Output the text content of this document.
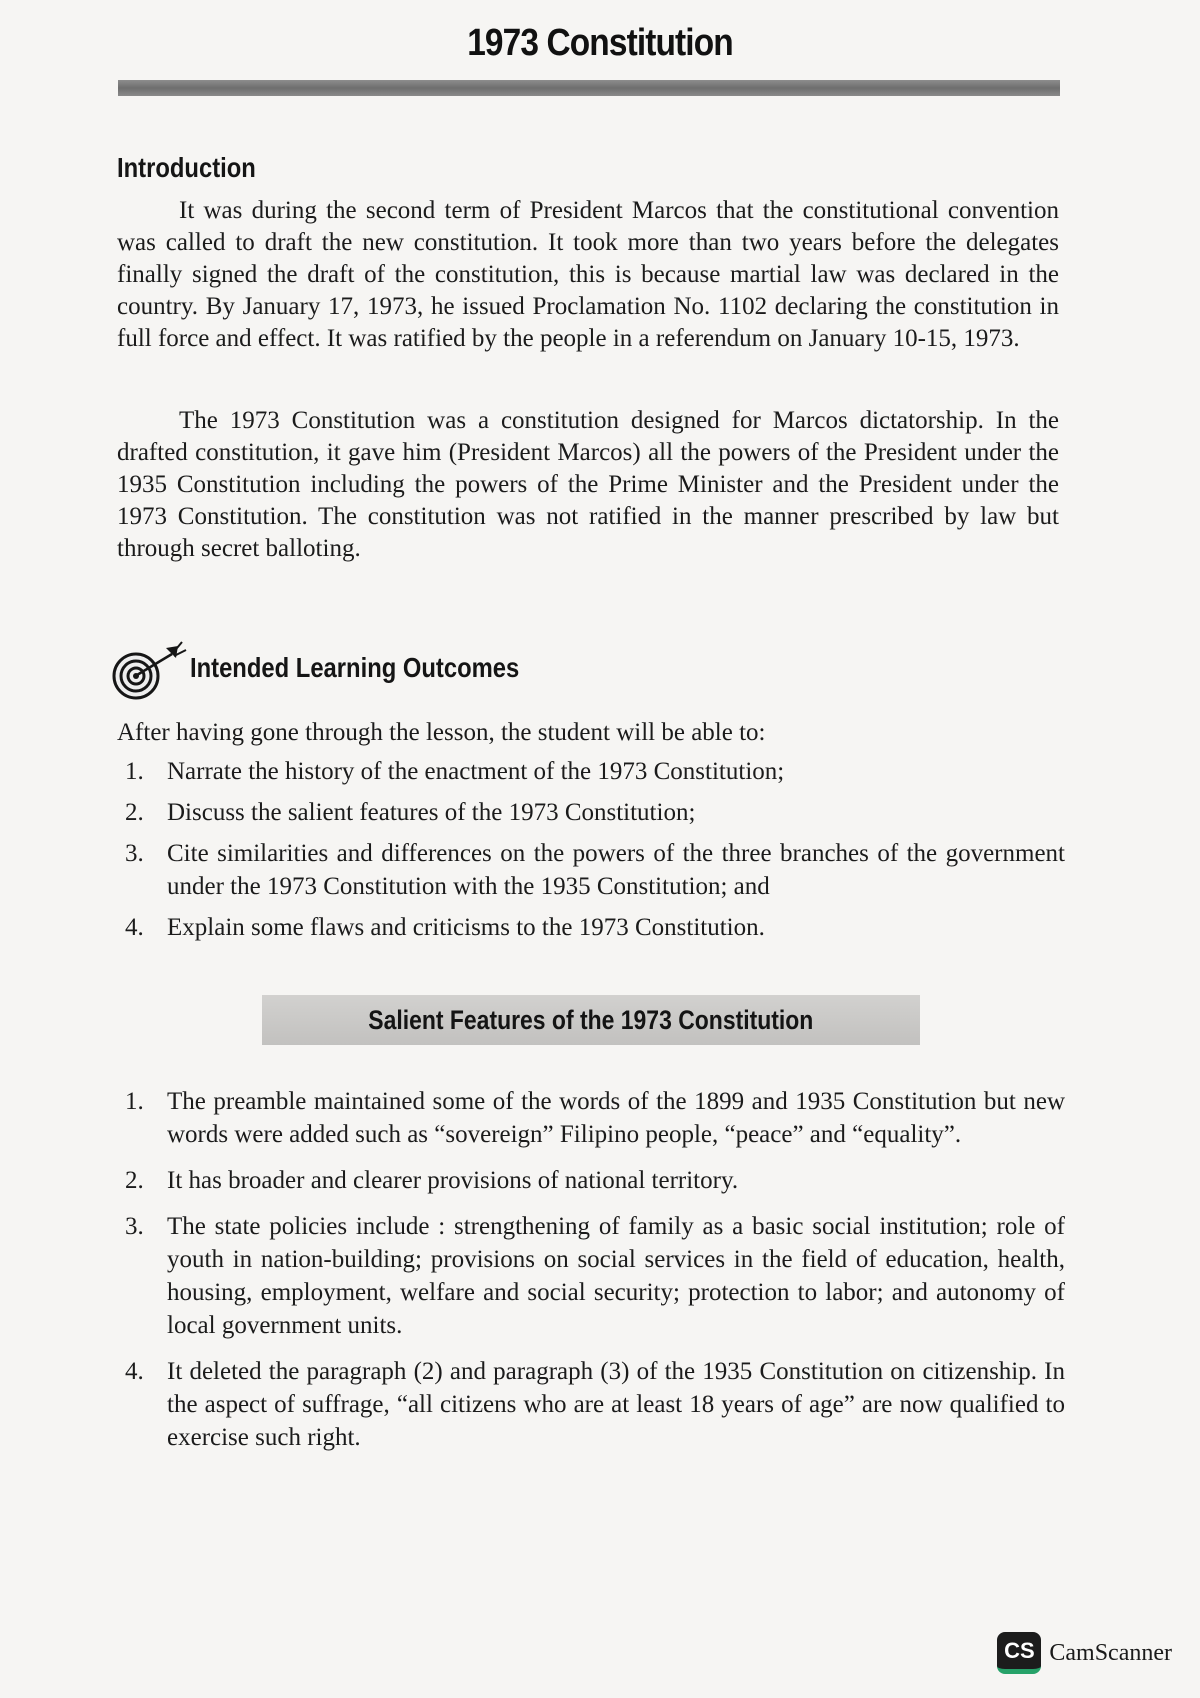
1973 Constitution
Introduction

It was during the second term of President Marcos that the constitutional convention was called to draft the new constitution. It took more than two years before the delegates finally signed the draft of the constitution, this is because martial law was declared in the country. By January 17, 1973, he issued Proclamation No. 1102 declaring the constitution in full force and effect. It was ratified by the people in a referendum on January 10-15, 1973.

The 1973 Constitution was a constitution designed for Marcos dictatorship. In the drafted constitution, it gave him (President Marcos) all the powers of the President under the 1935 Constitution including the powers of the Prime Minister and the President under the 1973 Constitution. The constitution was not ratified in the manner prescribed by law but through secret balloting.

Intended Learning Outcomes

After having gone through the lesson, the student will be able to:

1. Narrate the history of the enactment of the 1973 Constitution;
2. Discuss the salient features of the 1973 Constitution;
3. Cite similarities and differences on the powers of the three branches of the government under the 1973 Constitution with the 1935 Constitution; and
4. Explain some flaws and criticisms to the 1973 Constitution.
Salient Features of the 1973 Constitution
1. The preamble maintained some of the words of the 1899 and 1935 Constitution but new words were added such as “sovereign” Filipino people, “peace” and “equality”.
2. It has broader and clearer provisions of national territory.
3. The state policies include : strengthening of family as a basic social institution; role of youth in nation-building; provisions on social services in the field of education, health, housing, employment, welfare and social security; protection to labor; and autonomy of local government units.
4. It deleted the paragraph (2) and paragraph (3) of the 1935 Constitution on citizenship. In the aspect of suffrage, “all citizens who are at least 18 years of age” are now qualified to exercise such right.
CS CamScanner
